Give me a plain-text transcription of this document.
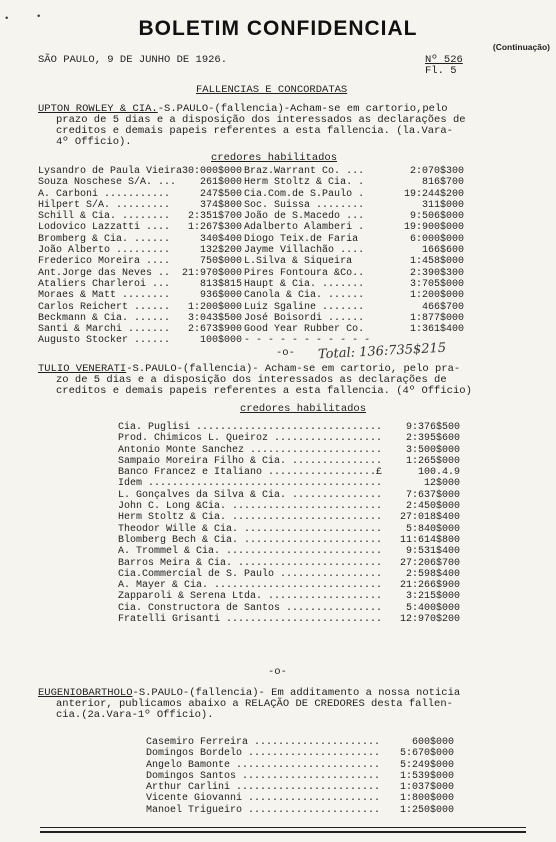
•	•	BOLETIM CONFIDENCIAL
(Continuação)
SÃO PAULO, 9 DE JUNHO DE 1926.	Nº 526
Fl. 5
FALLENCIAS E CONCORDATAS

UPTON ROWLEY & CIA.-S.PAULO-(fallencia)-Acham-se em cartorio,pelo

prazo de 5 dias e a disposição dos interessados as declarações de

creditos e demais papeis referentes a esta fallencia. (la.Vara-

4º Officio).

credores habilitados
Lysandro de Paula Vieira	30:000$000	Braz.Warrant Co. ...	2:070$300
Souza Noschese S/A. ...	261$000	Herm Stoltz & Cia. .	816$700
A. Carboni ...........	247$500	Cia.Com.de S.Paulo .	19:244$200
Hilpert S/A. .........	374$800	Soc. Suissa ........	311$000
Schill & Cia. ........	2:351$700	João de S.Macedo ...	9:506$000
Lodovico Lazzatti ....	1:267$300	Adalberto Alamberi .	19:900$000
Bromberg & Cia. ......	340$400	Diogo Teix.de Faria	6:000$000
João Alberto .........	132$200	Jayme Villachão ....	166$600
Frederico Moreira ....	750$000	L.Silva & Siqueira	1:458$000
Ant.Jorge das Neves ..	21:970$000	Pires Fontoura &Co..	2:390$300
Ataliers Charleroi ...	813$815	Haupt & Cia. .......	3:705$000
Moraes & Matt ........	936$000	Canola & Cia. ......	1:200$000
Carlos Reichert ......	1:200$000	Luiz Sgaline .......	466$700
Beckmann & Cia. ......	3:043$500	José Boisordi ......	1:877$000
Santi & Marchi .......	2:673$900	Good Year Rubber Co.	1:361$400
Augusto Stocker ......	100$000	- - - - - - - - - - -	
-o- Total: 136:735$215

TULIO VENERATI-S.PAULO-(fallencia)- Acham-se em cartorio, pelo pra-

zo de 5 dias e a disposição dos interessados as declarações de

creditos e demais papeis referentes a esta fallencia. (4º Officio)

credores habilitados
Cia. Puglisi ...............................	9:376$500
Prod. Chimicos L. Queiroz ..................	2:395$600
Antonio Monte Sanchez ......................	3:500$000
Sampaio Moreira Filho & Cia. ...............	1:265$000
Banco Francez e Italiano ..................£	100.4.9
Idem .......................................	12$000
L. Gonçalves da Silva & Cia. ...............	7:637$000
John C. Long &Cia. .........................	2:450$000
Herm Stoltz & Cia. .........................	27:018$400
Theodor Wille & Cia. .......................	5:840$000
Blomberg Bech & Cia. .......................	11:614$800
A. Trommel & Cia. ..........................	9:531$400
Barros Meira & Cia. ........................	27:206$700
Cia.Commercial de S. Paulo .................	2:598$400
A. Mayer & Cia. ............................	21:266$900
Zapparoli & Serena Ltda. ...................	3:215$000
Cia. Constructora de Santos ................	5:400$000
Fratelli Grisanti ..........................	12:970$200
-o-

EUGENIOBARTHOLO-S.PAULO-(fallencia)- Em additamento a nossa noticia

anterior, publicamos abaixo a RELAÇÃO DE CREDORES desta fallen-

cia.(2a.Vara-1º Officio).

Casemiro Ferreira .....................	600$000
Domingos Bordelo ......................	5:670$000
Angelo Bamonte ........................	5:249$000
Domingos Santos .......................	1:539$000
Arthur Carlini ........................	1:037$000
Vicente Giovanni ......................	1:800$000
Manoel Trigueiro ......................	1:250$000
